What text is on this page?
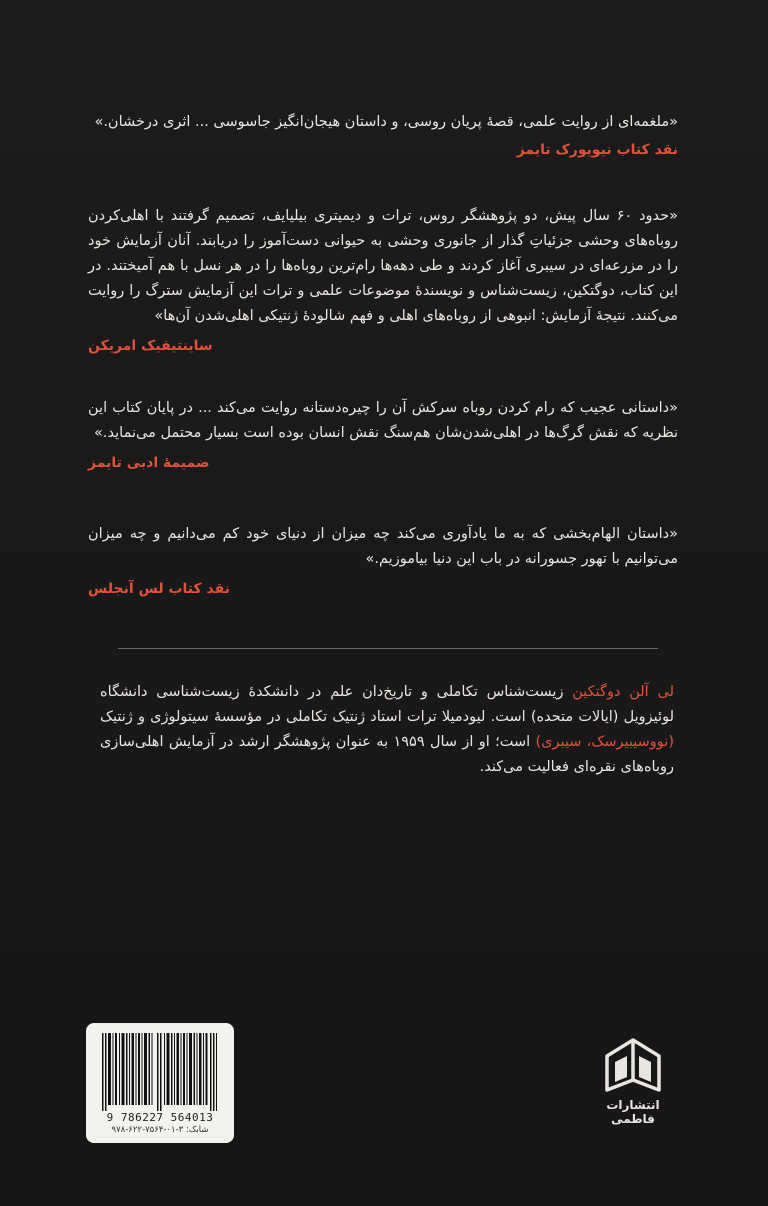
«ملغمه‌ای از روایت علمی، قصهٔ پریان روسی، و داستان هیجان‌انگیز جاسوسی ... اثری درخشان.»

نقد کتاب نیویورک تایمز

«حدود ۶۰ سال پیش، دو پژوهشگر روس، ترات و دیمیتری بیلیایف، تصمیم گرفتند با اهلی‌کردن روباه‌های وحشی جزئیاتِ گذار از جانوری وحشی به حیوانی دست‌آموز را دریابند. آنان آزمایش خود را در مزرعه‌ای در سیبری آغاز کردند و طی دهه‌ها رام‌ترین روباه‌ها را در هر نسل با هم آمیختند. در این کتاب، دوگتکین، زیست‌شناس و نویسندهٔ موضوعات علمی و ترات این آزمایش سترگ را روایت می‌کنند. نتیجهٔ آزمایش: انبوهی از روباه‌های اهلی و فهم شالودهٔ ژنتیکی اهلی‌شدن آن‌ها»

ساینتیفیک امریکن

«داستانی عجیب که رام کردن روباه سرکش آن را چیره‌دستانه روایت می‌کند ... در پایان کتاب این نظریه که نقش گرگ‌ها در اهلی‌شدن‌شان هم‌سنگ نقش انسان بوده است بسیار محتمل می‌نماید.»

ضمیمهٔ ادبی تایمز

«داستان الهام‌بخشی که به ما یادآوری می‌کند چه میزان از دنیای خود کم می‌دانیم و چه میزان می‌توانیم با تهور جسورانه در باب این دنیا بیاموزیم.»

نقد کتاب لس آنجلس

لی آلن دوگتکین زیست‌شناس تکاملی و تاریخ‌دان علم در دانشکدهٔ زیست‌شناسی دانشگاه لوئیزویل (ایالات متحده) است. لیودمیلا ترات استاد ژنتیک تکاملی در مؤسسهٔ سیتولوژی و ژنتیک (نووسیبیرسک، سیبری) است؛ او از سال ۱۹۵۹ به عنوان پژوهشگر ارشد در آزمایش اهلی‌سازی روباه‌های نقره‌ای فعالیت می‌کند.

9 786227 564013
شابک: ۳-۰۱-۷۵۶۴-۶۲۲-۹۷۸
انتشارات فاطمی
